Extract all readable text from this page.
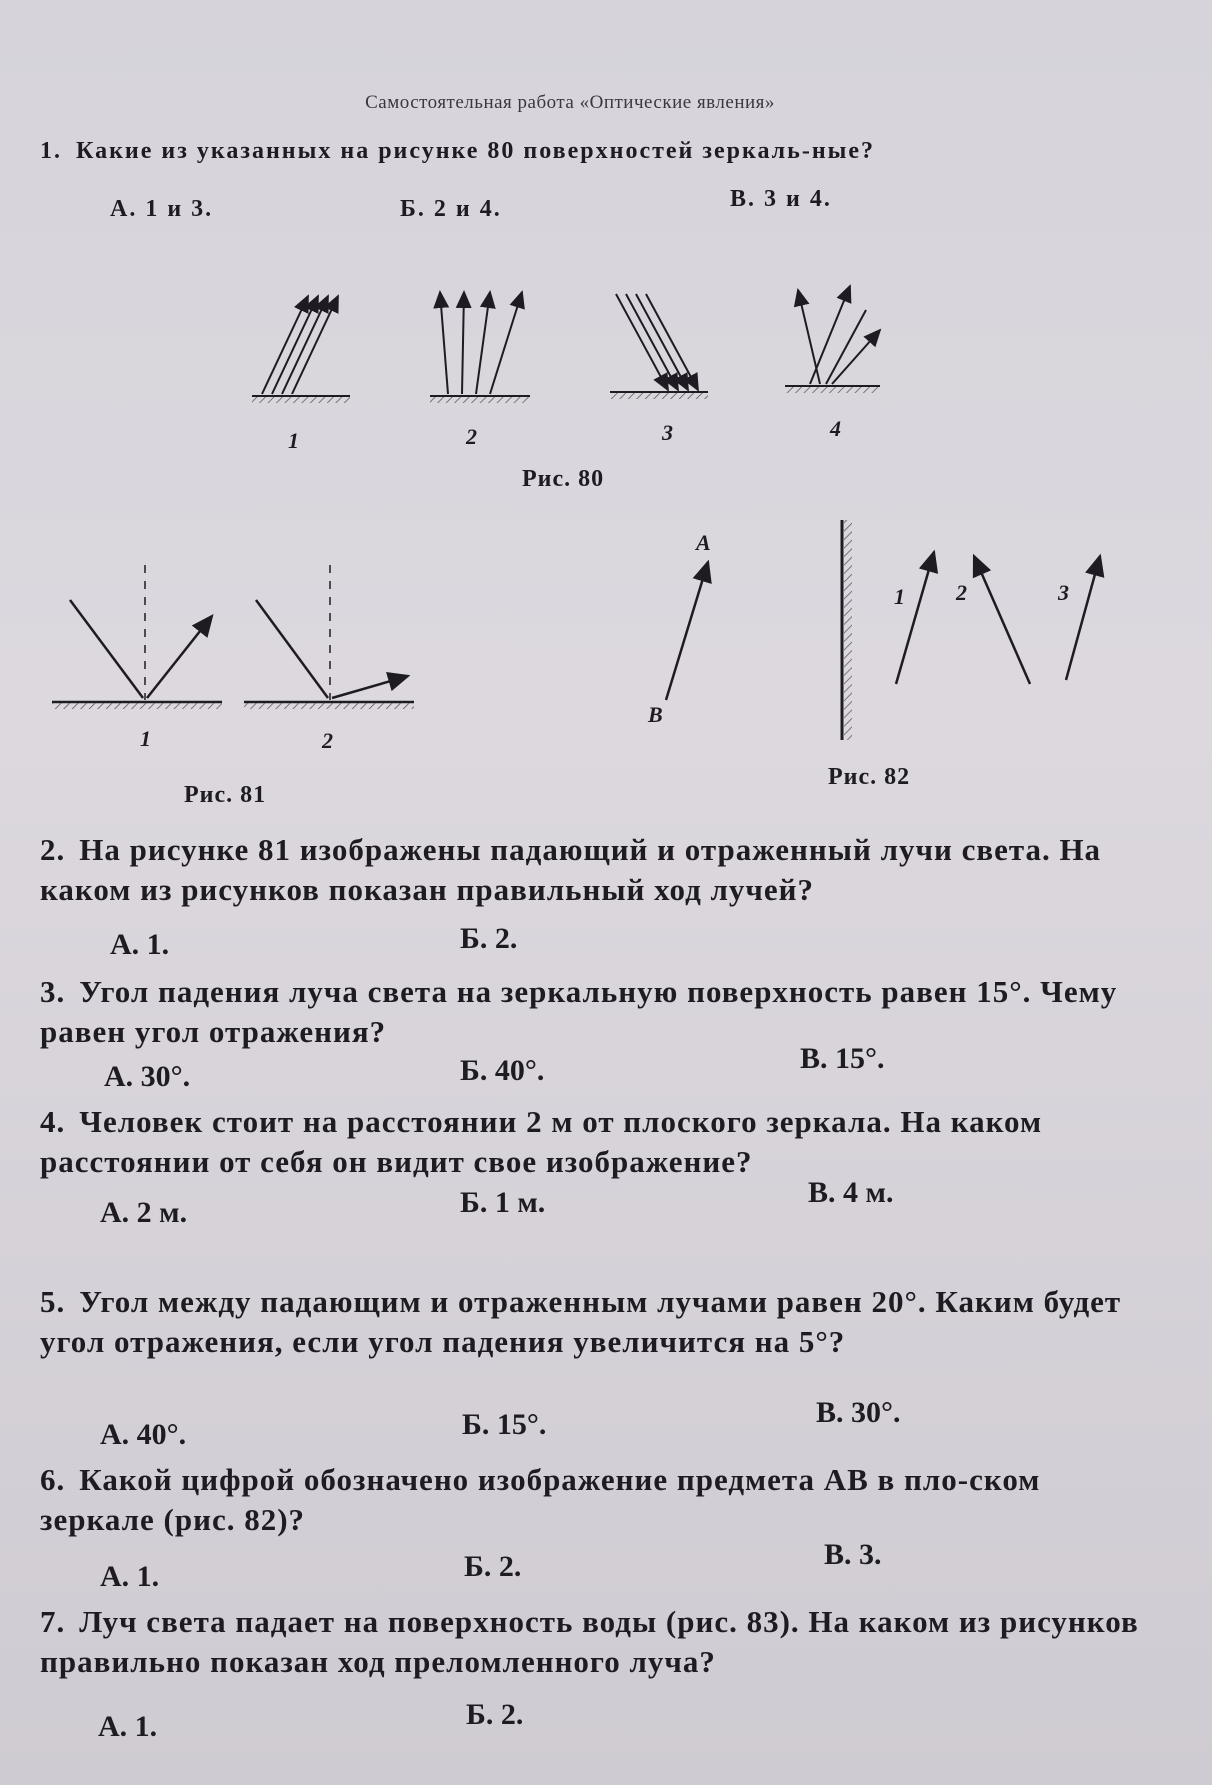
Самостоятельная работа «Оптические явления»
1. Какие из указанных на рисунке 80 поверхностей зеркаль-ные?
А. 1 и 3.	Б. 2 и 4.	В. 3 и 4.
1	2	3	4
Рис. 80
1	2
Рис. 81
A
B
1 2	3
Рис. 82
2. На рисунке 81 изображены падающий и отраженный лучи света. На каком из рисунков показан правильный ход лучей?
А. 1.	Б. 2.
3. Угол падения луча света на зеркальную поверхность равен 15°. Чему равен угол отражения?
А. 30°.	Б. 40°.	В. 15°.
4. Человек стоит на расстоянии 2 м от плоского зеркала. На каком расстоянии от себя он видит свое изображение?
А. 2 м.	Б. 1 м.	В. 4 м.
5. Угол между падающим и отраженным лучами равен 20°. Каким будет угол отражения, если угол падения увеличится на 5°?
А. 40°.	Б. 15°.	В. 30°.
6. Какой цифрой обозначено изображение предмета АВ в пло-ском зеркале (рис. 82)?
А. 1.	Б. 2.	В. 3.
7. Луч света падает на поверхность воды (рис. 83). На каком из рисунков правильно показан ход преломленного луча?
А. 1.	Б. 2.
